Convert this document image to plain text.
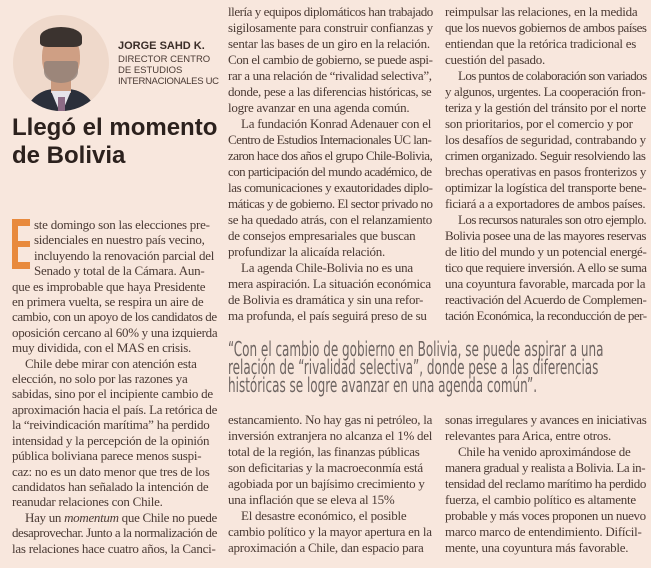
JORGE SAHD K.
DIRECTOR CENTRO
DE ESTUDIOS
INTERNACIONALES UC
Llegó el momento
de Bolivia
ste domingo son las elecciones pre-
sidenciales en nuestro país vecino,
incluyendo la renovación parcial del
Senado y total de la Cámara. Aun-
que es improbable que haya Presidente
en primera vuelta, se respira un aire de
cambio, con un apoyo de los candidatos de
oposición cercano al 60% y una izquierda
muy dividida, con el MAS en crisis.
Chile debe mirar con atención esta
elección, no solo por las razones ya
sabidas, sino por el incipiente cambio de
aproximación hacia el país. La retórica de
la “reivindicación marítima” ha perdido
intensidad y la percepción de la opinión
pública boliviana parece menos suspi-
caz: no es un dato menor que tres de los
candidatos han señalado la intención de
reanudar relaciones con Chile.
Hay un momentum que Chile no puede
desaprovechar. Junto a la normalización de
las relaciones hace cuatro años, la Canci-
llería y equipos diplomáticos han trabajado
sigilosamente para construir confianzas y
sentar las bases de un giro en la relación.
Con el cambio de gobierno, se puede aspi-
rar a una relación de “rivalidad selectiva”,
donde, pese a las diferencias históricas, se
logre avanzar en una agenda común.
La fundación Konrad Adenauer con el
Centro de Estudios Internacionales UC lan-
zaron hace dos años el grupo Chile-Bolivia,
con participación del mundo académico, de
las comunicaciones y exautoridades diplo-
máticas y de gobierno. El sector privado no
se ha quedado atrás, con el relanzamiento
de consejos empresariales que buscan
profundizar la alicaída relación.
La agenda Chile-Bolivia no es una
mera aspiración. La situación económica
de Bolivia es dramática y sin una refor-
ma profunda, el país seguirá preso de su
reimpulsar las relaciones, en la medida
que los nuevos gobiernos de ambos países
entiendan que la retórica tradicional es
cuestión del pasado.
Los puntos de colaboración son variados
y algunos, urgentes. La cooperación fron-
teriza y la gestión del tránsito por el norte
son prioritarios, por el comercio y por
los desafíos de seguridad, contrabando y
crimen organizado. Seguir resolviendo las
brechas operativas en pasos fronterizos y
optimizar la logística del transporte bene-
ficiará a a exportadores de ambos países.
Los recursos naturales son otro ejemplo.
Bolivia posee una de las mayores reservas
de litio del mundo y un potencial energé-
tico que requiere inversión. A ello se suma
una coyuntura favorable, marcada por la
reactivación del Acuerdo de Complemen-
tación Económica, la reconducción de per-
“Con el cambio de gobierno en Bolivia, se puede aspirar a una
relación de “rivalidad selectiva”, donde pese a las diferencias
históricas se logre avanzar en una agenda común”.
estancamiento. No hay gas ni petróleo, la
inversión extranjera no alcanza el 1% del
total de la región, las finanzas públicas
son deficitarias y la macroeconmía está
agobiada por un bajísimo crecimiento y
una inflación que se eleva al 15%
El desastre económico, el posible
cambio político y la mayor apertura en la
aproximación a Chile, dan espacio para
sonas irregulares y avances en iniciativas
relevantes para Arica, entre otros.
Chile ha venido aproximándose de
manera gradual y realista a Bolivia. La in-
tensidad del reclamo marítimo ha perdido
fuerza, el cambio político es altamente
probable y más voces proponen un nuevo
marco marco de entendimiento. Difícil-
mente, una coyuntura más favorable.
